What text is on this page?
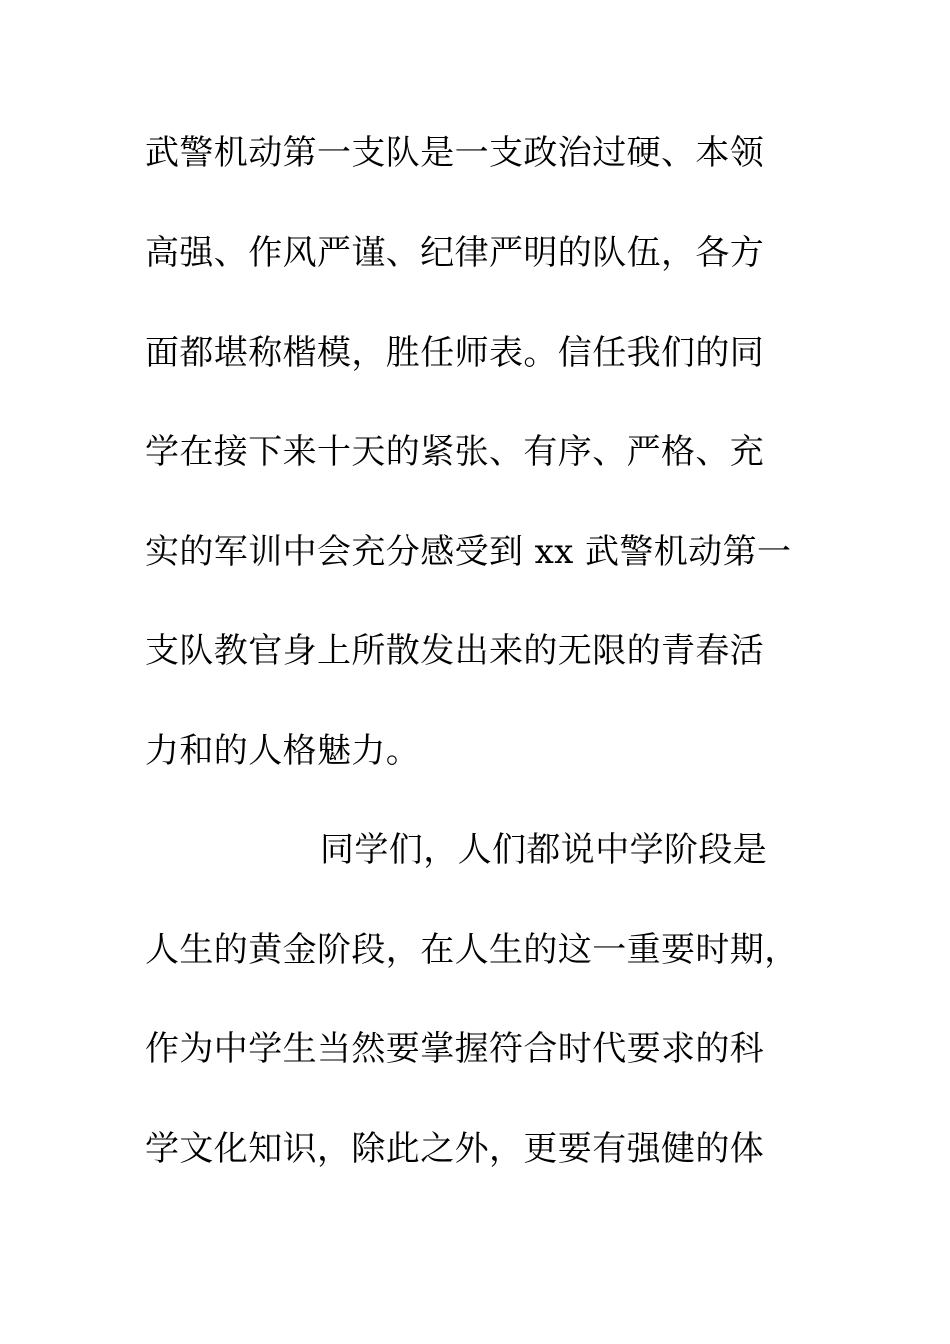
武警机动第一支队是一支政治过硬、本领
高强、作风严谨、纪律严明的队伍，各方
面都堪称楷模，胜任师表。信任我们的同
学在接下来十天的紧张、有序、严格、充
实的军训中会充分感受到 xx 武警机动第一
支队教官身上所散发出来的无限的青春活
力和的人格魅力。
同学们，人们都说中学阶段是
人生的黄金阶段，在人生的这一重要时期，
作为中学生当然要掌握符合时代要求的科
学文化知识，除此之外，更要有强健的体
